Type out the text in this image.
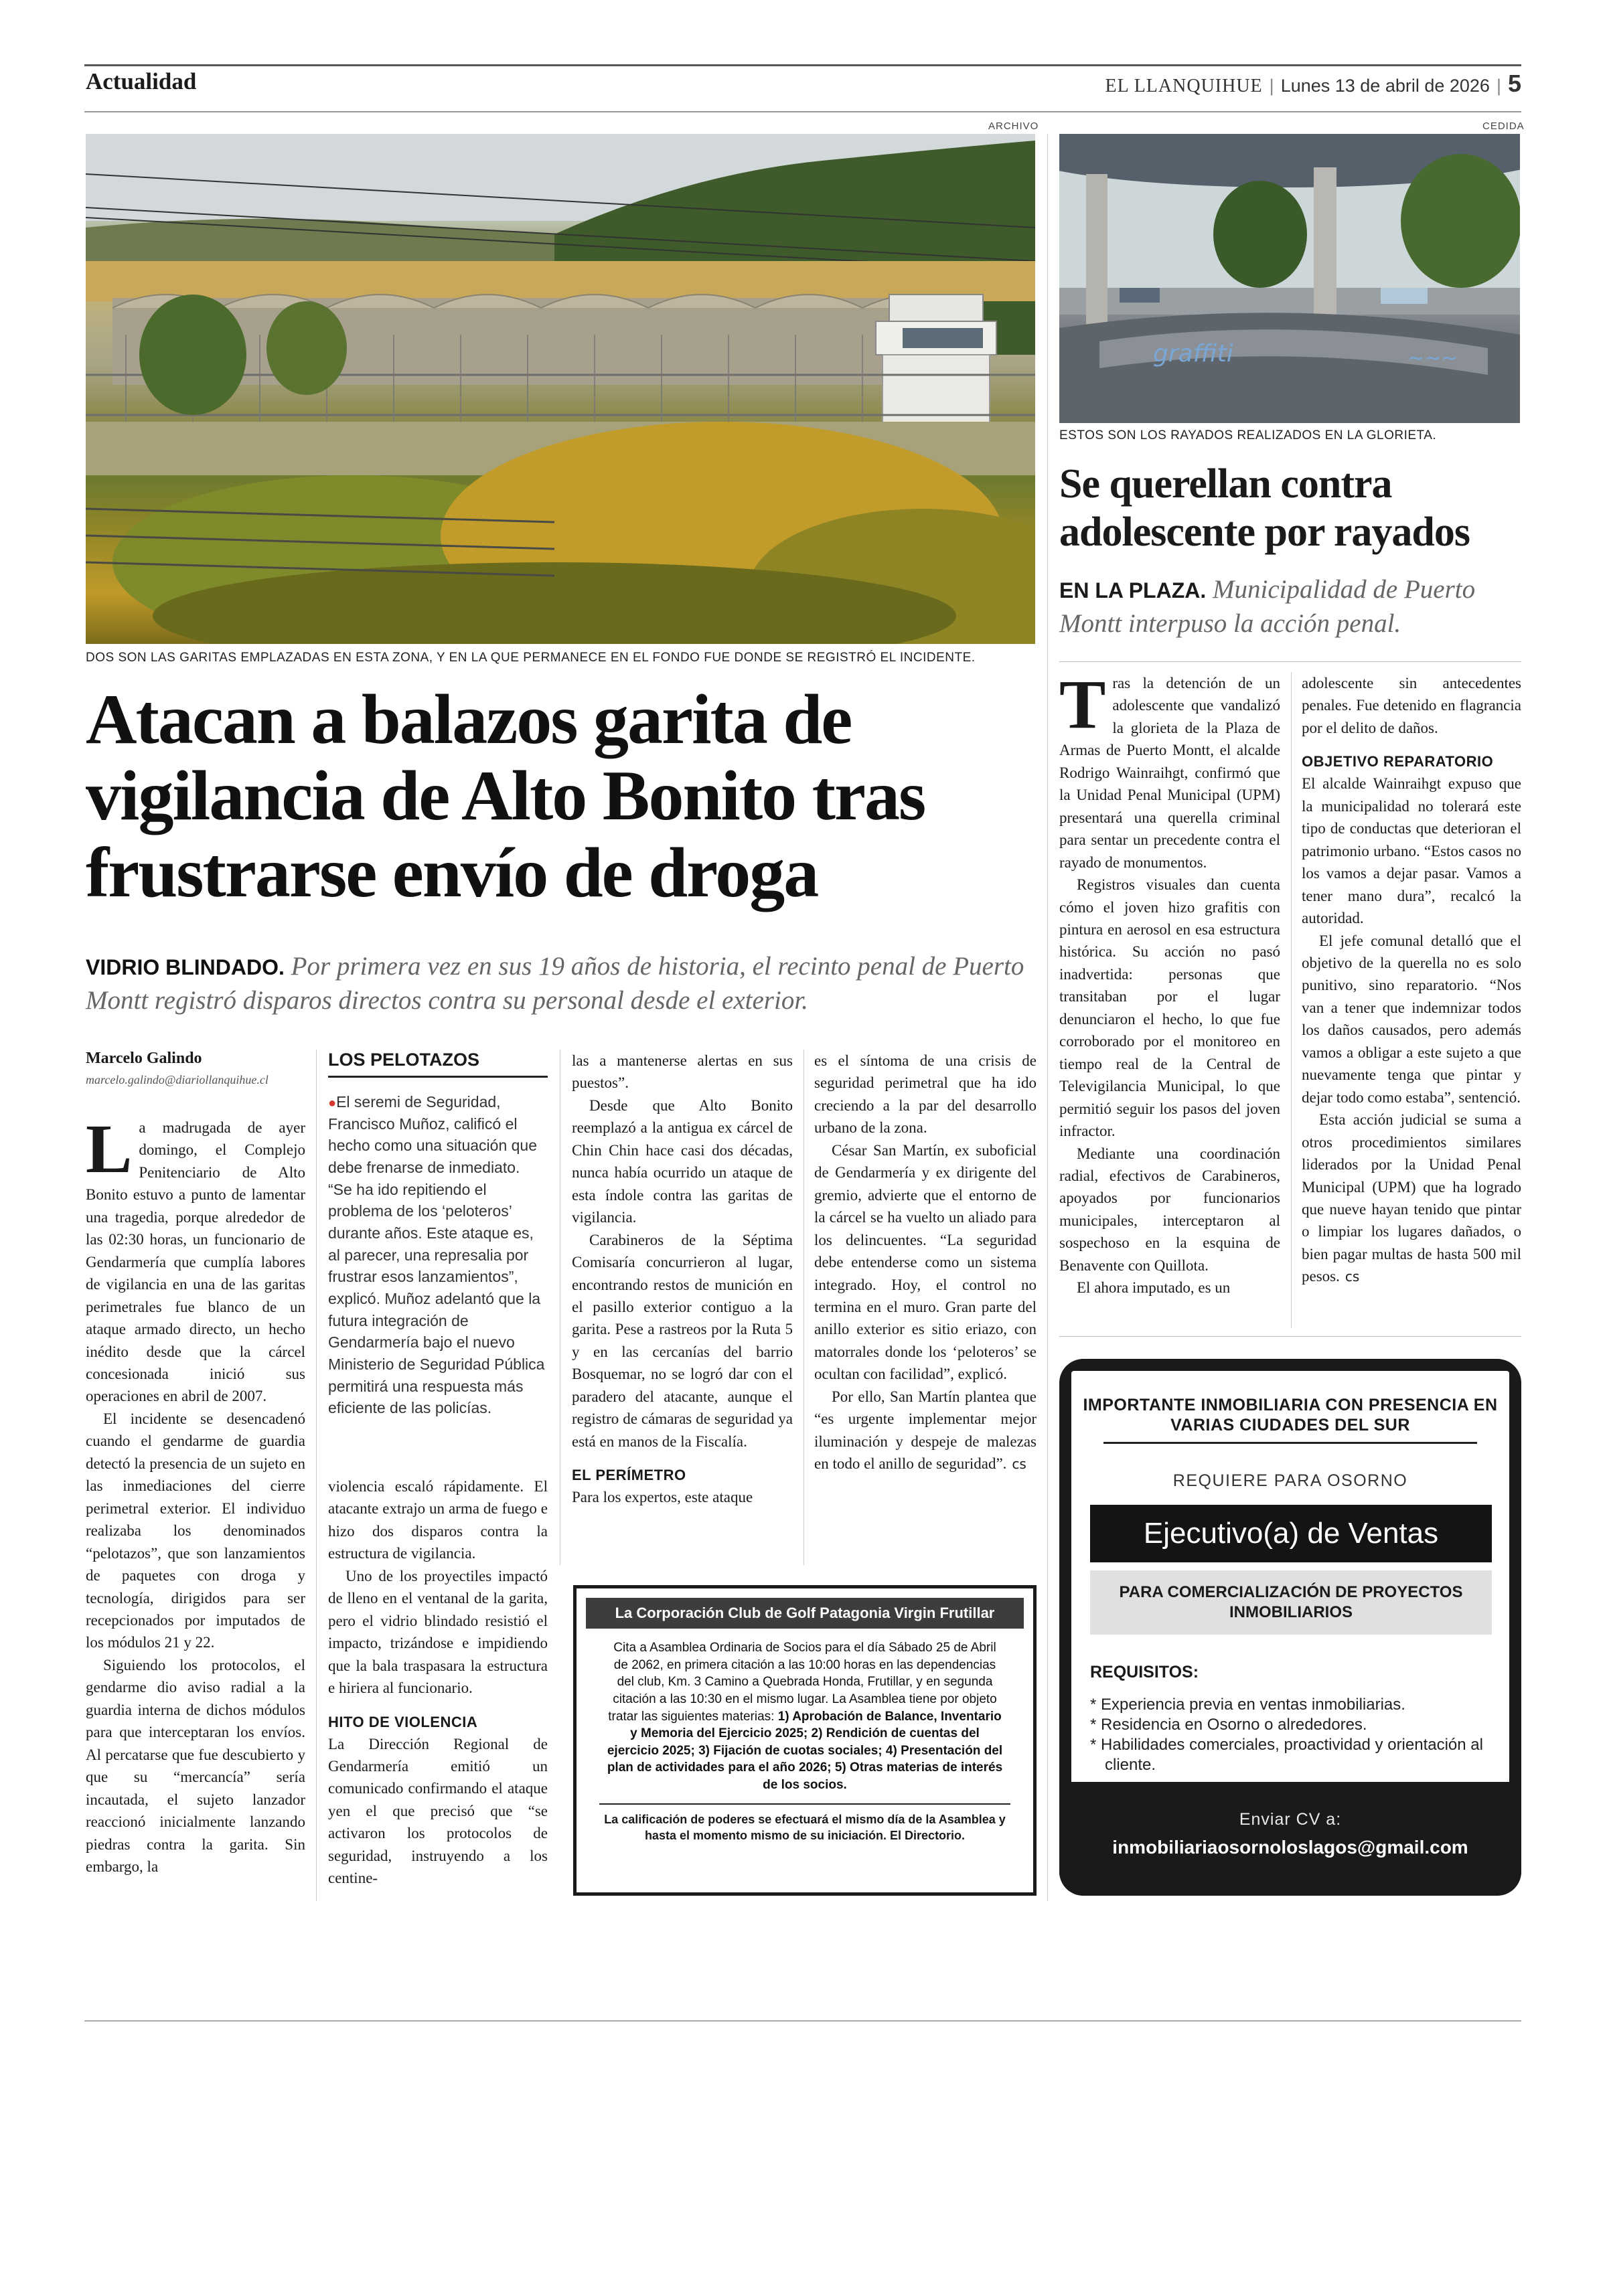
Actualidad	EL LLANQUIHUE | Lunes 13 de abril de 2026 | 5
ARCHIVO
DOS SON LAS GARITAS EMPLAZADAS EN ESTA ZONA, Y EN LA QUE PERMANECE EN EL FONDO FUE DONDE SE REGISTRÓ EL INCIDENTE.
CEDIDA
graffiti	~~~
ESTOS SON LOS RAYADOS REALIZADOS EN LA GLORIETA.
Atacan a balazos garita de vigilancia de Alto Bonito tras frustrarse envío de droga
VIDRIO BLINDADO. Por primera vez en sus 19 años de historia, el recinto penal de Puerto Montt registró disparos directos contra su personal desde el exterior.
Marcelo Galindo
marcelo.galindo@diariollanquihue.cl

La madrugada de ayer domingo, el Complejo Penitenciario de Alto Bonito estuvo a punto de lamentar una tragedia, porque alrededor de las 02:30 horas, un funcionario de Gendarmería que cumplía labores de vigilancia en una de las garitas perimetrales fue blanco de un ataque armado directo, un hecho inédito desde que la cárcel concesionada inició sus operaciones en abril de 2007.

El incidente se desencadenó cuando el gendarme de guardia detectó la presencia de un sujeto en las inmediaciones del cierre perimetral exterior. El individuo realizaba los denominados “pelotazos”, que son lanzamientos de paquetes con droga y tecnología, dirigidos para ser recepcionados por imputados de los módulos 21 y 22.

Siguiendo los protocolos, el gendarme dio aviso radial a la guardia interna de dichos módulos para que interceptaran los envíos. Al percatarse que fue descubierto y que su “mercancía” sería incautada, el sujeto lanzador reaccionó inicialmente lanzando piedras contra la garita. Sin embargo, la

LOS PELOTAZOS
●El seremi de Seguridad, Francisco Muñoz, calificó el hecho como una situación que debe frenarse de inmediato. “Se ha ido repitiendo el problema de los ‘peloteros’ durante años. Este ataque es, al parecer, una represalia por frustrar esos lanzamientos”, explicó. Muñoz adelantó que la futura integración de Gendarmería bajo el nuevo Ministerio de Seguridad Pública permitirá una respuesta más eficiente de las policías.

violencia escaló rápidamente. El atacante extrajo un arma de fuego e hizo dos disparos contra la estructura de vigilancia.

Uno de los proyectiles impactó de lleno en el ventanal de la garita, pero el vidrio blindado resistió el impacto, trizándose e impidiendo que la bala traspasara la estructura e hiriera al funcionario.

HITO DE VIOLENCIA

La Dirección Regional de Gendarmería emitió un comunicado confirmando el ataque yen el que precisó que “se activaron los protocolos de seguridad, instruyendo a los centine-

las a mantenerse alertas en sus puestos”.

Desde que Alto Bonito reemplazó a la antigua ex cárcel de Chin Chin hace casi dos décadas, nunca había ocurrido un ataque de esta índole contra las garitas de vigilancia.

Carabineros de la Séptima Comisaría concurrieron al lugar, encontrando restos de munición en el pasillo exterior contiguo a la garita. Pese a rastreos por la Ruta 5 y en las cercanías del barrio Bosquemar, no se logró dar con el paradero del atacante, aunque el registro de cámaras de seguridad ya está en manos de la Fiscalía.

EL PERÍMETRO

Para los expertos, este ataque

es el síntoma de una crisis de seguridad perimetral que ha ido creciendo a la par del desarrollo urbano de la zona.

César San Martín, ex suboficial de Gendarmería y ex dirigente del gremio, advierte que el entorno de la cárcel se ha vuelto un aliado para los delincuentes. “La seguridad debe entenderse como un sistema integrado. Hoy, el control no termina en el muro. Gran parte del anillo exterior es sitio eriazo, con matorrales donde los ‘peloteros’ se ocultan con facilidad”, explicó.

Por ello, San Martín plantea que “es urgente implementar mejor iluminación y despeje de malezas en todo el anillo de seguridad”. cs

La Corporación Club de Golf Patagonia Virgin Frutillar
Cita a Asamblea Ordinaria de Socios para el día Sábado 25 de Abril de 2062, en primera citación a las 10:00 horas en las dependencias del club, Km. 3 Camino a Quebrada Honda, Frutillar, y en segunda citación a las 10:30 en el mismo lugar. La Asamblea tiene por objeto tratar las siguientes materias: 1) Aprobación de Balance, Inventario y Memoria del Ejercicio 2025; 2) Rendición de cuentas del ejercicio 2025; 3) Fijación de cuotas sociales; 4) Presentación del plan de actividades para el año 2026; 5) Otras materias de interés de los socios.
La calificación de poderes se efectuará el mismo día de la Asamblea y hasta el momento mismo de su iniciación. El Directorio.
Se querellan contra adolescente por rayados
EN LA PLAZA. Municipalidad de Puerto Montt interpuso la acción penal.

Tras la detención de un adolescente que vandalizó la glorieta de la Plaza de Armas de Puerto Montt, el alcalde Rodrigo Wainraihgt, confirmó que la Unidad Penal Municipal (UPM) presentará una querella criminal para sentar un precedente contra el rayado de monumentos.

Registros visuales dan cuenta cómo el joven hizo grafitis con pintura en aerosol en esa estructura histórica. Su acción no pasó inadvertida: personas que transitaban por el lugar denunciaron el hecho, lo que fue corroborado por el monitoreo en tiempo real de la Central de Televigilancia Municipal, lo que permitió seguir los pasos del joven infractor.

Mediante una coordinación radial, efectivos de Carabineros, apoyados por funcionarios municipales, interceptaron al sospechoso en la esquina de Benavente con Quillota.

El ahora imputado, es un

adolescente sin antecedentes penales. Fue detenido en flagrancia por el delito de daños.

OBJETIVO REPARATORIO

El alcalde Wainraihgt expuso que la municipalidad no tolerará este tipo de conductas que deterioran el patrimonio urbano. “Estos casos no los vamos a dejar pasar. Vamos a tener mano dura”, recalcó la autoridad.

El jefe comunal detalló que el objetivo de la querella no es solo punitivo, sino reparatorio. “Nos van a tener que indemnizar todos los daños causados, pero además vamos a obligar a este sujeto a que nuevamente tenga que pintar y dejar todo como estaba”, sentenció.

Esta acción judicial se suma a otros procedimientos similares liderados por la Unidad Penal Municipal (UPM) que ha logrado que nueve hayan tenido que pintar o limpiar los lugares dañados, o bien pagar multas de hasta 500 mil pesos. cs

IMPORTANTE INMOBILIARIA CON PRESENCIA EN VARIAS CIUDADES DEL SUR
REQUIERE PARA OSORNO
Ejecutivo(a) de Ventas
PARA COMERCIALIZACIÓN DE PROYECTOS INMOBILIARIOS
REQUISITOS:
* Experiencia previa en ventas inmobiliarias.
* Residencia en Osorno o alrededores.
* Habilidades comerciales, proactividad y orientación al cliente.
Enviar CV a:
inmobiliariaosornoloslagos@gmail.com
